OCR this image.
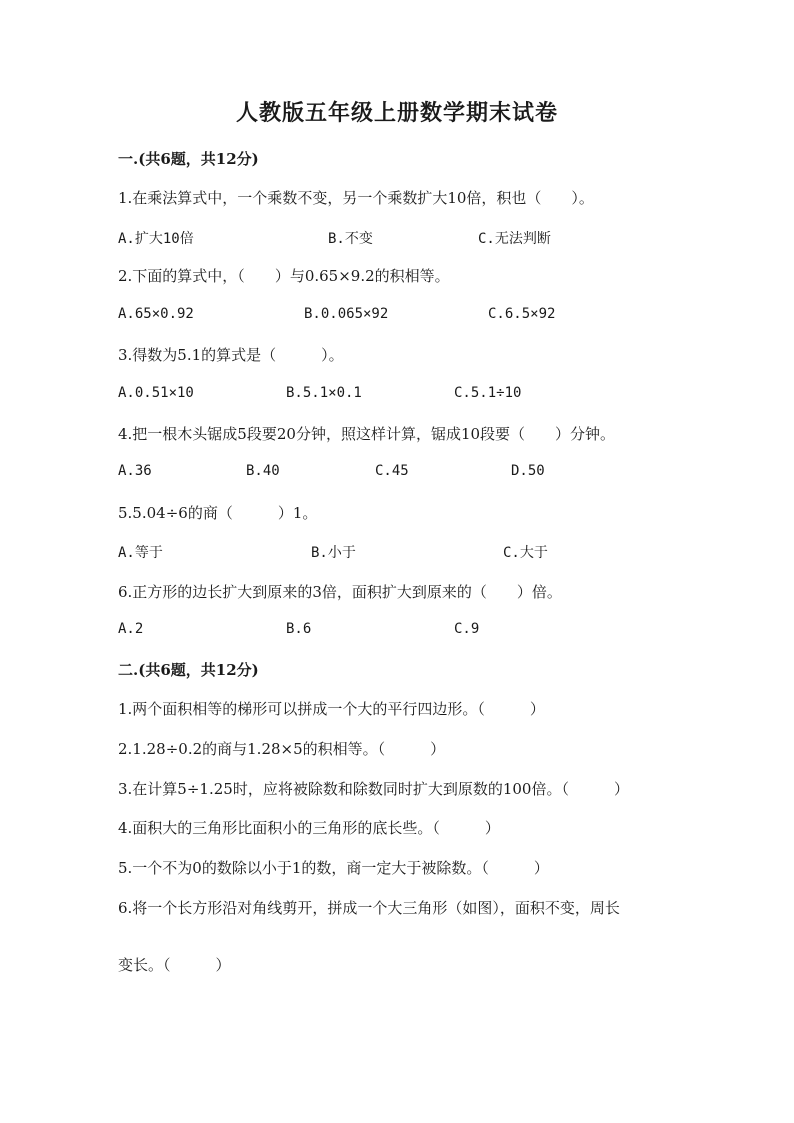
人教版五年级上册数学期末试卷
一.(共6题，共12分)
1.在乘法算式中，一个乘数不变，另一个乘数扩大10倍，积也（　　）。
A.扩大10倍	B.不变	C.无法判断
2.下面的算式中，（　　）与0.65×9.2的积相等。
A.65×0.92	B.0.065×92	C.6.5×92
3.得数为5.1的算式是（　　　）。
A.0.51×10	B.5.1×0.1	C.5.1÷10
4.把一根木头锯成5段要20分钟，照这样计算，锯成10段要（　　）分钟。
A.36	B.40	C.45	D.50
5.5.04÷6的商（　　　）1。
A.等于	B.小于	C.大于
6.正方形的边长扩大到原来的3倍，面积扩大到原来的（　　）倍。
A.2	B.6	C.9
二.(共6题，共12分)
1.两个面积相等的梯形可以拼成一个大的平行四边形。（　　　）
2.1.28÷0.2的商与1.28×5的积相等。（　　　）
3.在计算5÷1.25时，应将被除数和除数同时扩大到原数的100倍。（　　　）
4.面积大的三角形比面积小的三角形的底长些。（　　　）
5.一个不为0的数除以小于1的数，商一定大于被除数。（　　　）
6.将一个长方形沿对角线剪开，拼成一个大三角形（如图），面积不变，周长
变长。（　　　）
